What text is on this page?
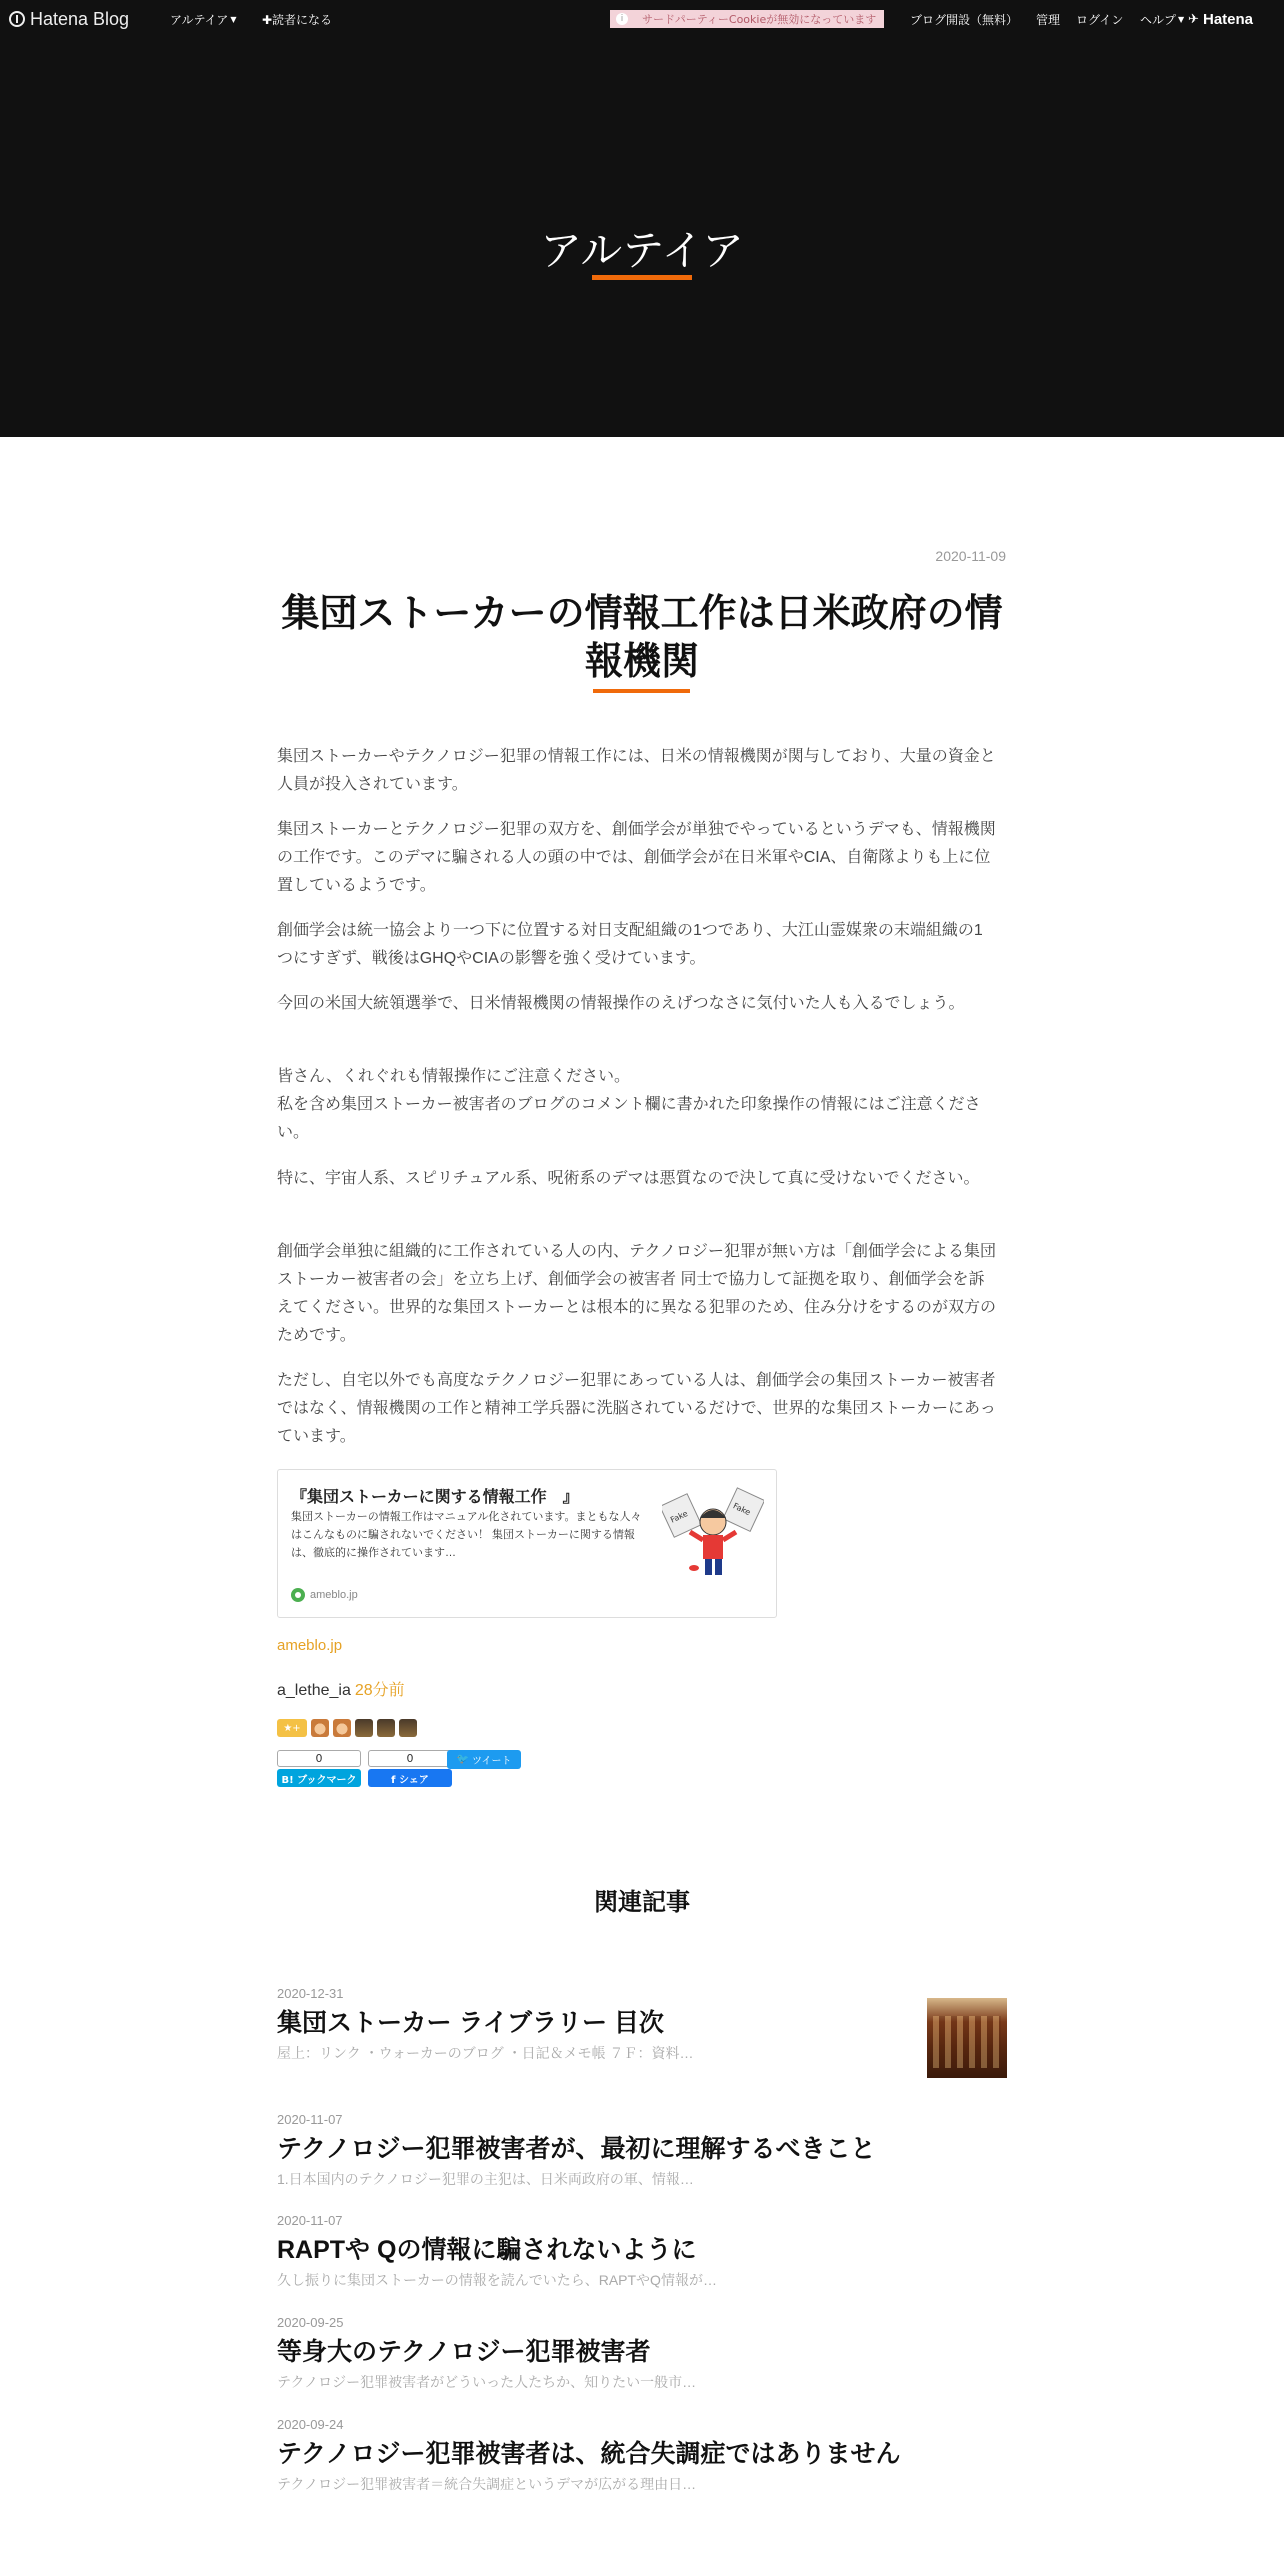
Hatena Blog	アルテイア ▼ ✚読者になる	i	サードパーティーCookieが無効になっています	ブログ開設（無料） 管理 ログイン ヘルプ ▼ ✈ Hatena
アルテイア
2020-11-09
集団ストーカーの情報工作は日米政府の情報機関

集団ストーカーやテクノロジー犯罪の情報工作には、日米の情報機関が関与しており、大量の資金と人員が投入されています。

集団ストーカーとテクノロジー犯罪の双方を、創価学会が単独でやっているというデマも、情報機関の工作です。このデマに騙される人の頭の中では、創価学会が在日米軍やCIA、自衛隊よりも上に位置しているようです。

創価学会は統一協会より一つ下に位置する対日支配組織の1つであり、大江山霊媒衆の末端組織の1つにすぎず、戦後はGHQやCIAの影響を強く受けています。

今回の米国大統領選挙で、日米情報機関の情報操作のえげつなさに気付いた人も入るでしょう。

皆さん、くれぐれも情報操作にご注意ください。

私を含め集団ストーカー被害者のブログのコメント欄に書かれた印象操作の情報にはご注意ください。

特に、宇宙人系、スピリチュアル系、呪術系のデマは悪質なので決して真に受けないでください。

創価学会単独に組織的に工作されている人の内、テクノロジー犯罪が無い方は「創価学会による集団ストーカー被害者の会」を立ち上げ、創価学会の被害者 同士で協力して証拠を取り、創価学会を訴えてください。世界的な集団ストーカーとは根本的に異なる犯罪のため、住み分けをするのが双方のためです。

ただし、自宅以外でも高度なテクノロジー犯罪にあっている人は、創価学会の集団ストーカー被害者ではなく、情報機関の工作と精神工学兵器に洗脳されているだけで、世界的な集団ストーカーにあっています。

『集団ストーカーに関する情報工作　』
集団ストーカーの情報工作はマニュアル化されています。まともな人々はこんなものに騙されないでください！ 集団ストーカーに関する情報は、徹底的に操作されています…
Fake	Fake
ameblo.jp
ameblo.jp
a_lethe_ia 28分前
★+
0
B! ブックマーク
0
f シェア
🐦 ツイート
関連記事
2020-12-31
集団ストーカー ライブラリー 目次
屋上：リンク ・ウォーカーのブログ ・日記＆メモ帳 ７Ｆ：資料…
2020-11-07
テクノロジー犯罪被害者が、最初に理解するべきこと
1.日本国内のテクノロジー犯罪の主犯は、日米両政府の軍、情報…
2020-11-07
RAPTや Qの情報に騙されないように
久し振りに集団ストーカーの情報を読んでいたら、RAPTやQ情報が…
2020-09-25
等身大のテクノロジー犯罪被害者
テクノロジー犯罪被害者がどういった人たちか、知りたい一般市…
2020-09-24
テクノロジー犯罪被害者は、統合失調症ではありません
テクノロジー犯罪被害者＝統合失調症というデマが広がる理由日…
